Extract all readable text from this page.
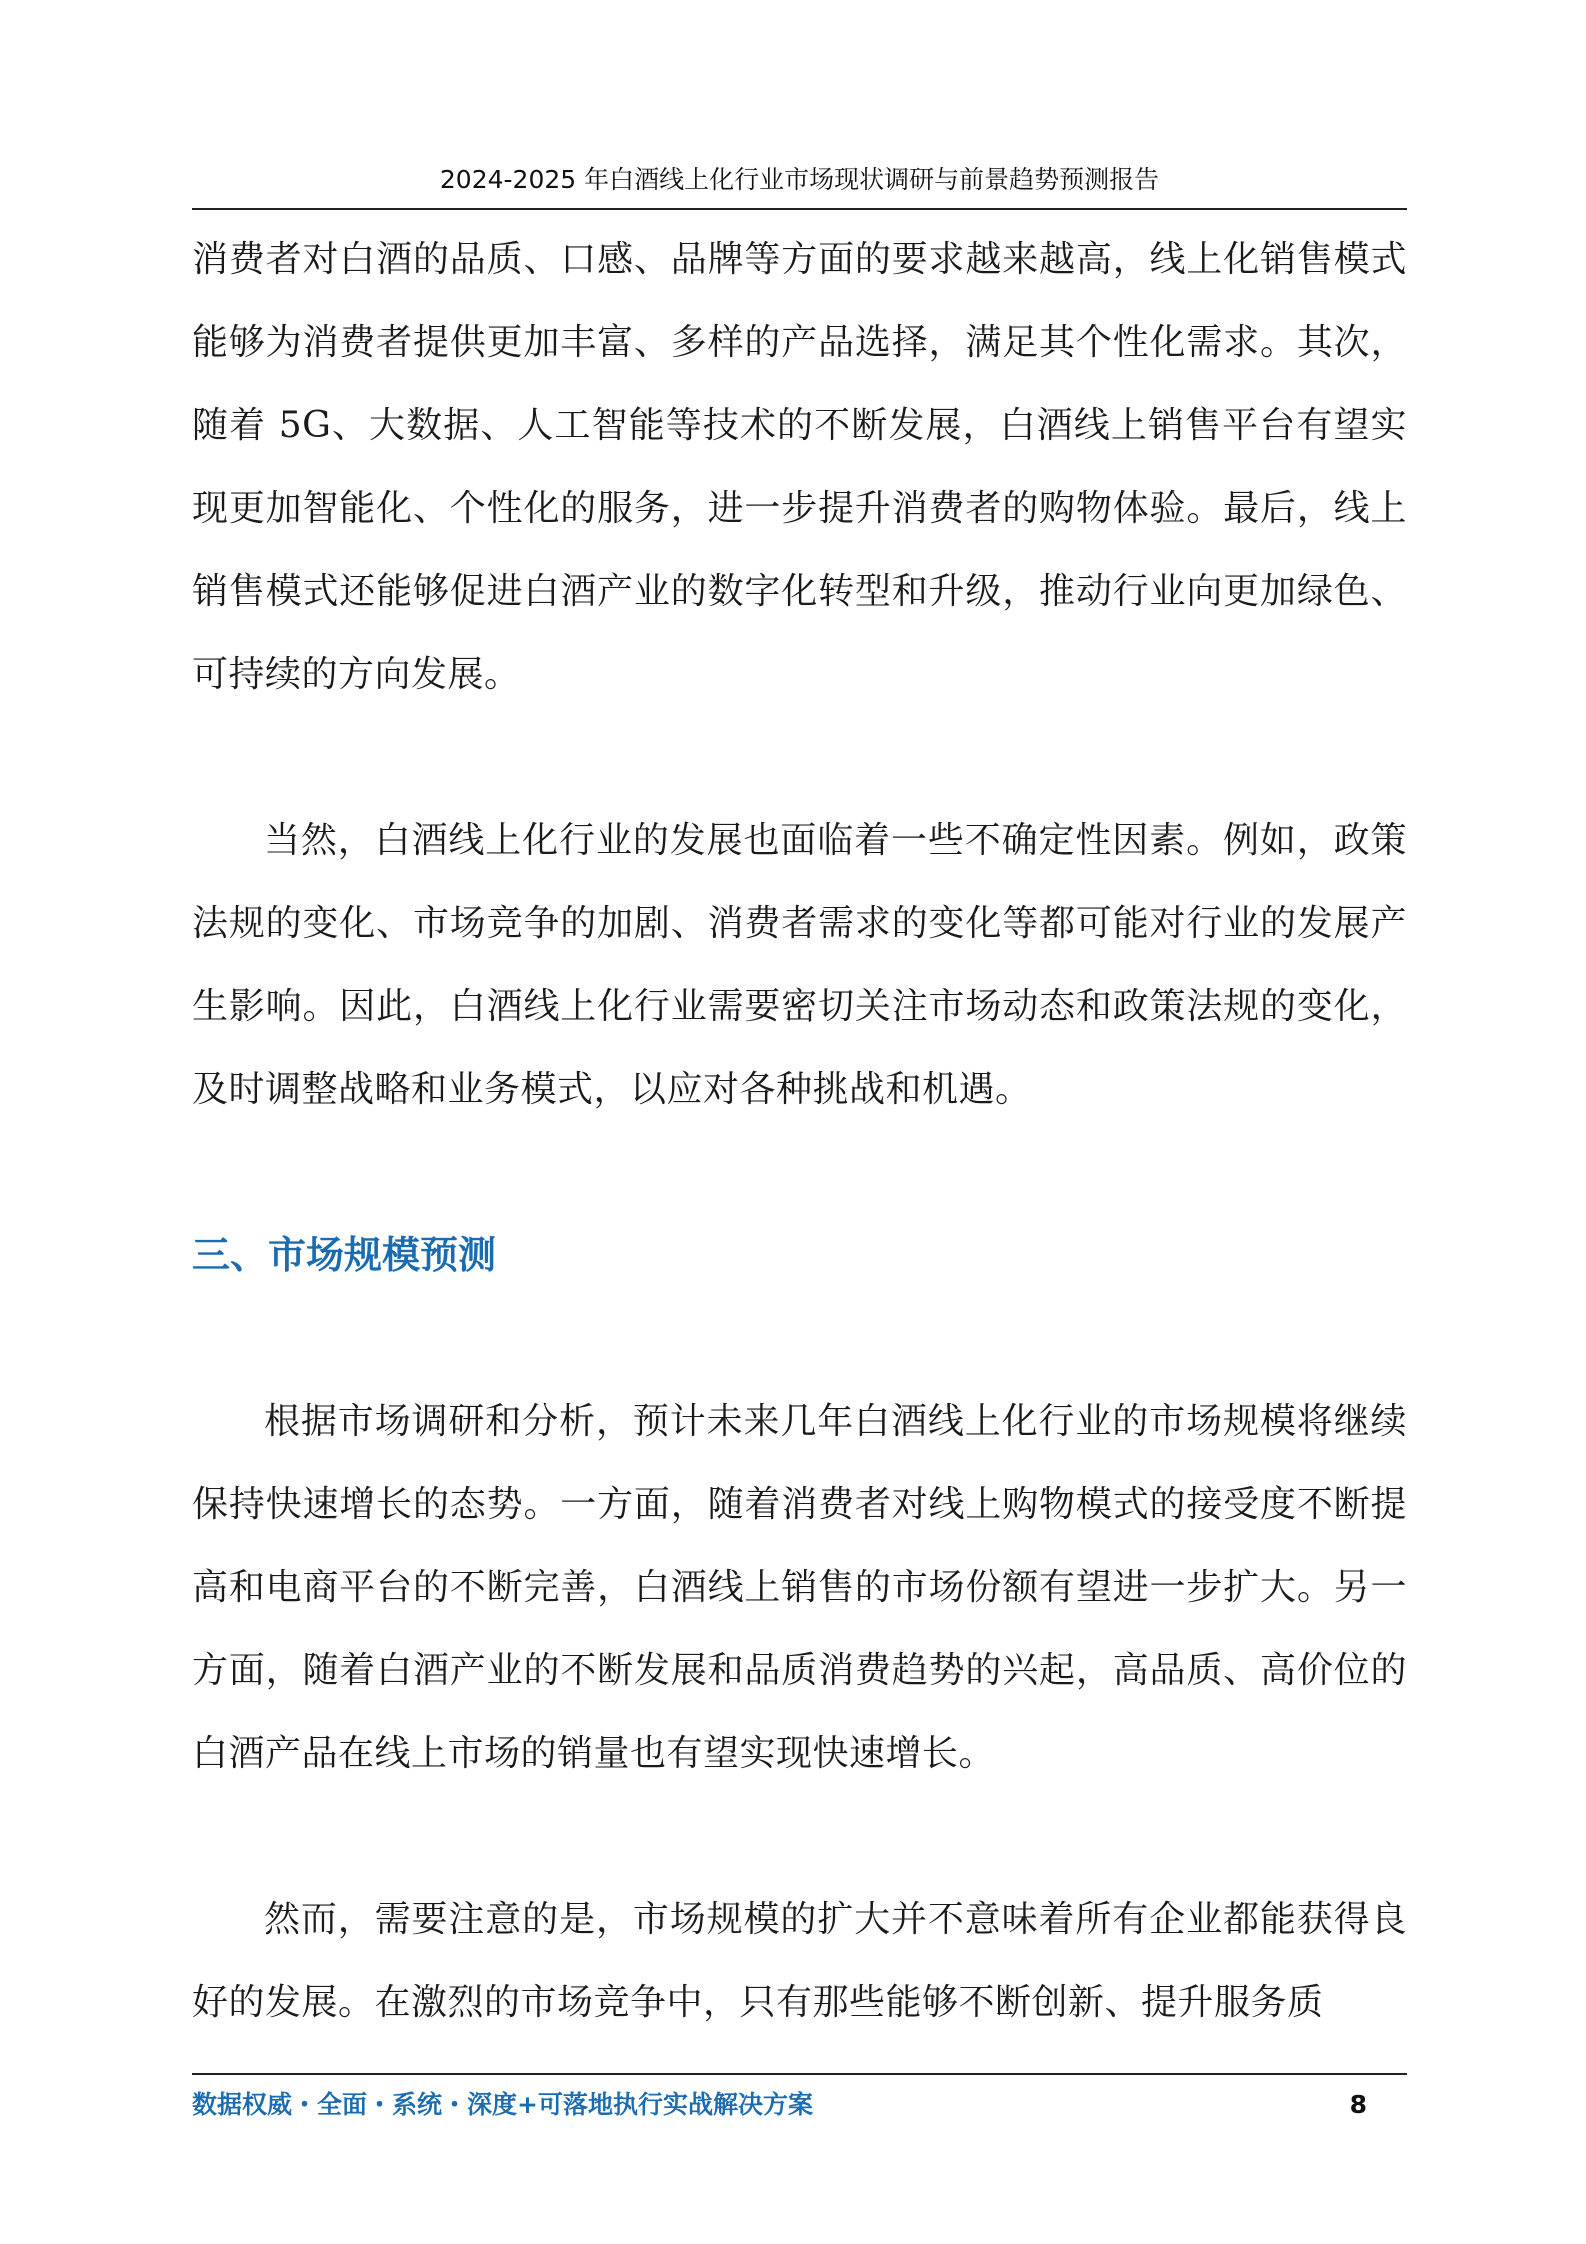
2024-2025 年白酒线上化行业市场现状调研与前景趋势预测报告

消费者对白酒的品质、口感、品牌等方面的要求越来越高，线上化销售模式能够为消费者提供更加丰富、多样的产品选择，满足其个性化需求。其次，随着 5G、大数据、人工智能等技术的不断发展，白酒线上销售平台有望实现更加智能化、个性化的服务，进一步提升消费者的购物体验。最后，线上销售模式还能够促进白酒产业的数字化转型和升级，推动行业向更加绿色、可持续的方向发展。

当然，白酒线上化行业的发展也面临着一些不确定性因素。例如，政策法规的变化、市场竞争的加剧、消费者需求的变化等都可能对行业的发展产生影响。因此，白酒线上化行业需要密切关注市场动态和政策法规的变化，及时调整战略和业务模式，以应对各种挑战和机遇。

三、市场规模预测

根据市场调研和分析，预计未来几年白酒线上化行业的市场规模将继续保持快速增长的态势。一方面，随着消费者对线上购物模式的接受度不断提高和电商平台的不断完善，白酒线上销售的市场份额有望进一步扩大。另一方面，随着白酒产业的不断发展和品质消费趋势的兴起，高品质、高价位的白酒产品在线上市场的销量也有望实现快速增长。

然而，需要注意的是，市场规模的扩大并不意味着所有企业都能获得良好的发展。在激烈的市场竞争中，只有那些能够不断创新、提升服务质

数据权威・全面・系统・深度+可落地执行实战解决方案	8
